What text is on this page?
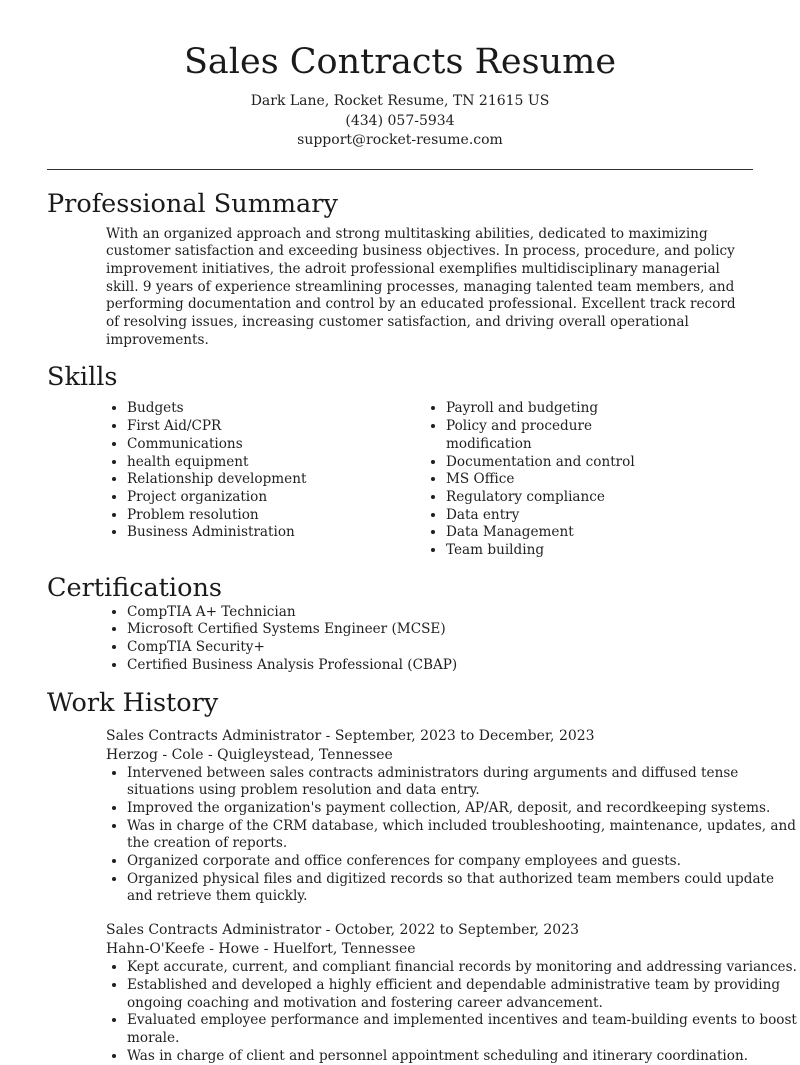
Sales Contracts Resume
Dark Lane, Rocket Resume, TN 21615 US
(434) 057-5934
support@rocket-resume.com
Professional Summary
With an organized approach and strong multitasking abilities, dedicated to maximizing customer satisfaction and exceeding business objectives. In process, procedure, and policy improvement initiatives, the adroit professional exemplifies multidisciplinary managerial skill. 9 years of experience streamlining processes, managing talented team members, and performing documentation and control by an educated professional. Excellent track record of resolving issues, increasing customer satisfaction, and driving overall operational improvements.
Skills
• Budgets
• First Aid/CPR
• Communications
• health equipment
• Relationship development
• Project organization
• Problem resolution
• Business Administration
• Payroll and budgeting
• Policy and procedure modification
• Documentation and control
• MS Office
• Regulatory compliance
• Data entry
• Data Management
• Team building
Certifications
• CompTIA A+ Technician
• Microsoft Certified Systems Engineer (MCSE)
• CompTIA Security+
• Certified Business Analysis Professional (CBAP)
Work History
Sales Contracts Administrator - September, 2023 to December, 2023
Herzog - Cole - Quigleystead, Tennessee
• Intervened between sales contracts administrators during arguments and diffused tense situations using problem resolution and data entry.
• Improved the organization's payment collection, AP/AR, deposit, and recordkeeping systems.
• Was in charge of the CRM database, which included troubleshooting, maintenance, updates, and the creation of reports.
• Organized corporate and office conferences for company employees and guests.
• Organized physical files and digitized records so that authorized team members could update and retrieve them quickly.
Sales Contracts Administrator - October, 2022 to September, 2023
Hahn-O'Keefe - Howe - Huelfort, Tennessee
• Kept accurate, current, and compliant financial records by monitoring and addressing variances.
• Established and developed a highly efficient and dependable administrative team by providing ongoing coaching and motivation and fostering career advancement.
• Evaluated employee performance and implemented incentives and team-building events to boost morale.
• Was in charge of client and personnel appointment scheduling and itinerary coordination.
